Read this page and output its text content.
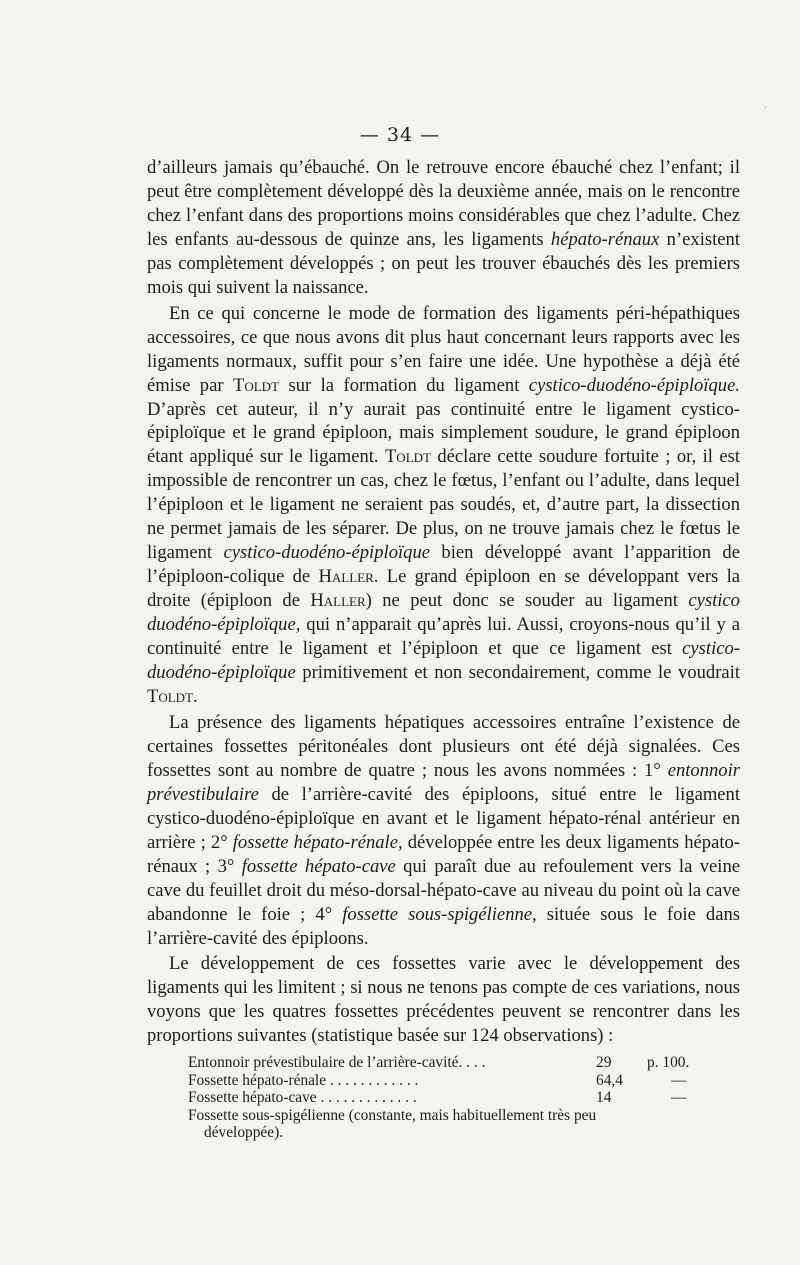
·
— 34 —

d’ailleurs jamais qu’ébauché. On le retrouve encore ébauché chez l’enfant; il peut être complètement développé dès la deuxième année, mais on le rencontre chez l’enfant dans des proportions moins considérables que chez l’adulte. Chez les enfants au-dessous de quinze ans, les ligaments hépato-rénaux n’existent pas complètement développés ; on peut les trouver ébauchés dès les premiers mois qui suivent la naissance.

En ce qui concerne le mode de formation des ligaments péri-hépathiques accessoires, ce que nous avons dit plus haut concernant leurs rapports avec les ligaments normaux, suffit pour s’en faire une idée. Une hypothèse a déjà été émise par Toldt sur la formation du ligament cystico-duodéno-épiploïque. D’après cet auteur, il n’y aurait pas continuité entre le ligament cystico-épiploïque et le grand épiploon, mais simplement soudure, le grand épiploon étant appliqué sur le ligament. Toldt déclare cette soudure fortuite ; or, il est impossible de rencontrer un cas, chez le fœtus, l’enfant ou l’adulte, dans lequel l’épiploon et le ligament ne seraient pas soudés, et, d’autre part, la dissection ne permet jamais de les séparer. De plus, on ne trouve jamais chez le fœtus le ligament cystico-duodéno-épiploïque bien développé avant l’apparition de l’épiploon-colique de Haller. Le grand épiploon en se développant vers la droite (épiploon de Haller) ne peut donc se souder au ligament cystico duodéno-épiploïque, qui n’apparait qu’après lui. Aussi, croyons-nous qu’il y a continuité entre le ligament et l’épiploon et que ce ligament est cystico-duodéno-épiploïque primitivement et non secondairement, comme le voudrait Toldt.

La présence des ligaments hépatiques accessoires entraîne l’existence de certaines fossettes péritonéales dont plusieurs ont été déjà signalées. Ces fossettes sont au nombre de quatre ; nous les avons nommées : 1° entonnoir prévestibulaire de l’arrière-cavité des épiploons, situé entre le ligament cystico-duodéno-épiploïque en avant et le ligament hépato-rénal antérieur en arrière ; 2° fossette hépato-rénale, développée entre les deux ligaments hépato-rénaux ; 3° fossette hépato-cave qui paraît due au refoulement vers la veine cave du feuillet droit du méso-dorsal-hépato-cave au niveau du point où la cave abandonne le foie ; 4° fossette sous-spigélienne, située sous le foie dans l’arrière-cavité des épiploons.

Le développement de ces fossettes varie avec le développement des ligaments qui les limitent ; si nous ne tenons pas compte de ces variations, nous voyons que les quatres fossettes précédentes peuvent se rencontrer dans les proportions suivantes (statistique basée sur 124 observations) :

Entonnoir prévestibulaire de l’arrière-cavité. . . .	29	p. 100.
Fossette hépato-rénale . . . . . . . . . . . .	64,4	—
Fossette hépato-cave . . . . . . . . . . . . .	14	—
Fossette sous-spigélienne (constante, mais habituellement très peu
développée).
